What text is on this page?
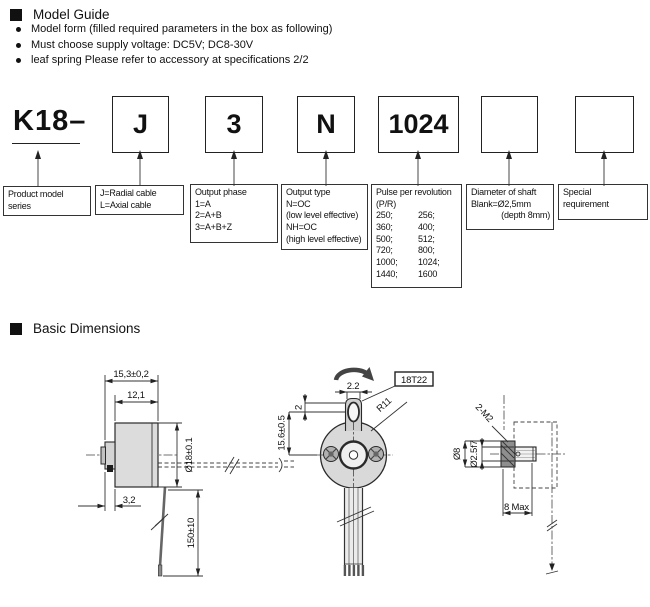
Model Guide
Model form (filled required parameters in the box as following)
Must choose supply voltage: DC5V; DC8-30V
leaf spring Please refer to accessory at specifications 2/2
K18–	J	3	N	1024
Product model
series
J=Radial cable
L=Axial cable
Output phase
1=A
2=A+B
3=A+B+Z
Output type
N=OC
(low level effective)
NH=OC
(high level effective)
Pulse per revolution
(P/R)
250;	256;
360;	400;
500;	512;
720;	800;
1000;	1024;
1440;	1600
Diameter of shaft
Blank=Ø2,5mm
(depth 8mm)
Special
requirement
Basic Dimensions
15,3±0,2
12,1
Ø18±0.1
3,2
150±10
18T22
2.2
2
15.6±0.5
R11	2-M2
Ø8 Ø2.5f7
8 Max
